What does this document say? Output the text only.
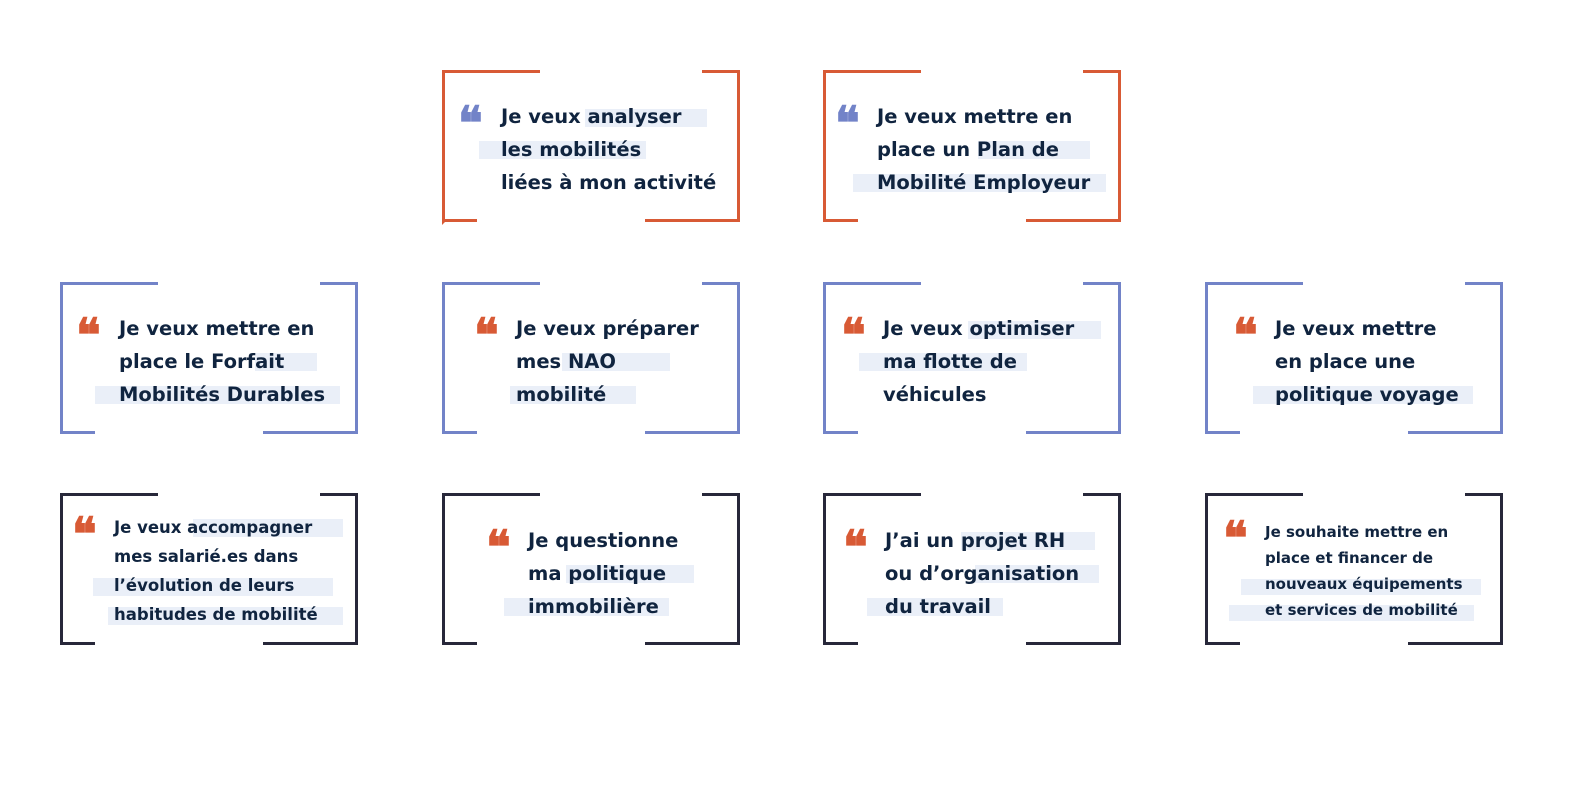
❝ Je veux analyser
les mobilités
liées à mon activité
❝ Je veux mettre en
place un Plan de
Mobilité Employeur
❝ Je veux mettre en
place le Forfait
Mobilités Durables
❝ Je veux préparer
mes NAO
mobilité
❝ Je veux optimiser
ma flotte de
véhicules
❝ Je veux mettre
en place une
politique voyage
❝ Je veux accompagner
mes salarié.es dans
l’évolution de leurs
habitudes de mobilité
❝ Je questionne
ma politique
immobilière
❝ J’ai un projet RH
ou d’organisation
du travail
❝ Je souhaite mettre en
place et financer de
nouveaux équipements
et services de mobilité
